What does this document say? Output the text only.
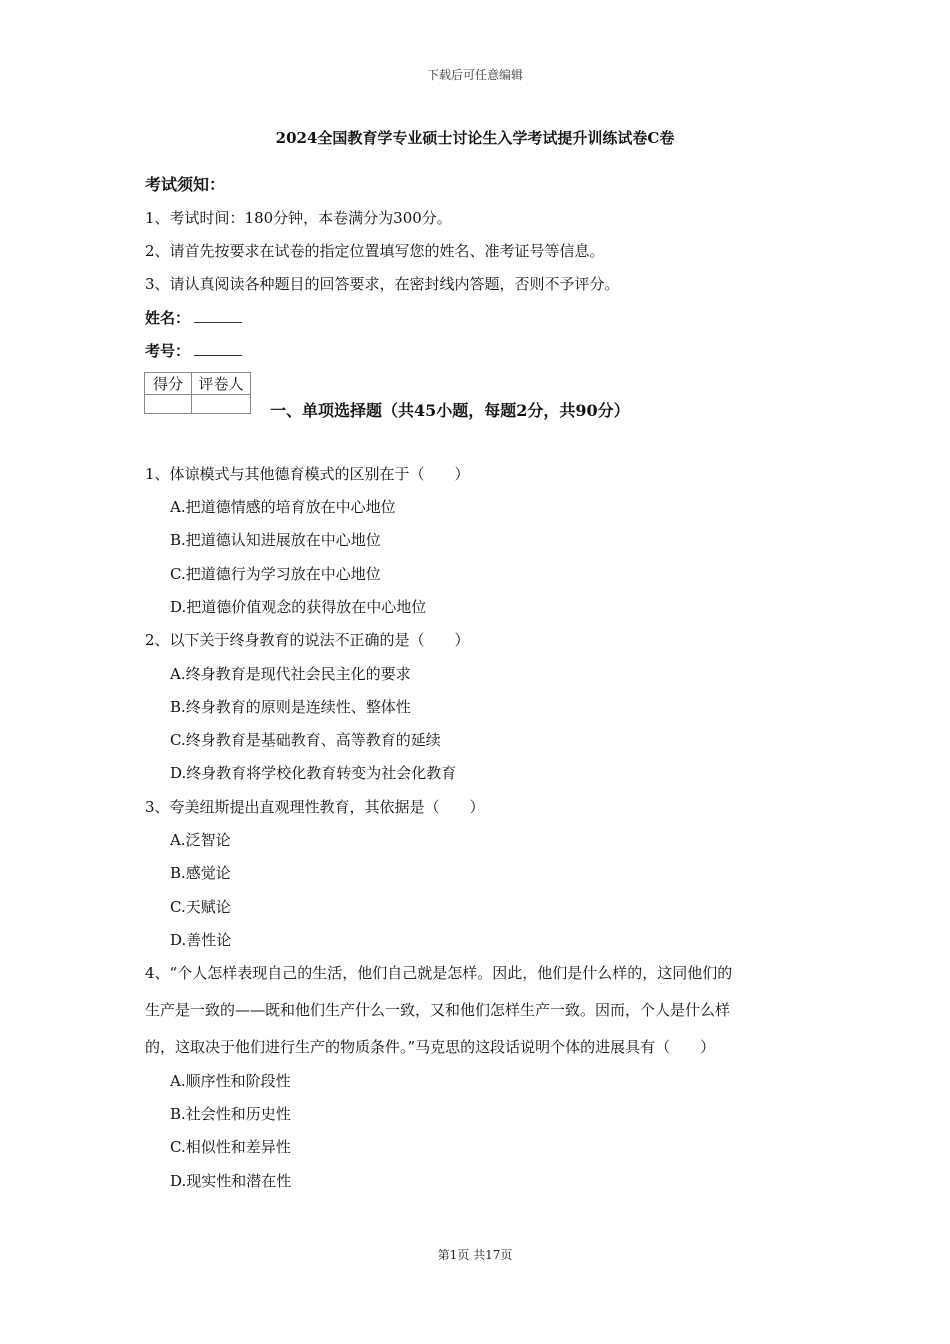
下载后可任意编辑
2024全国教育学专业硕士讨论生入学考试提升训练试卷C卷
考试须知：
1、考试时间：180分钟，本卷满分为300分。
2、请首先按要求在试卷的指定位置填写您的姓名、准考证号等信息。
3、请认真阅读各种题目的回答要求，在密封线内答题，否则不予评分。
姓名：
考号：
得分	评卷人

一、单项选择题（共45小题，每题2分，共90分）
1、体谅模式与其他德育模式的区别在于（　　）
A.把道德情感的培育放在中心地位
B.把道德认知进展放在中心地位
C.把道德行为学习放在中心地位
D.把道德价值观念的获得放在中心地位
2、以下关于终身教育的说法不正确的是（　　）
A.终身教育是现代社会民主化的要求
B.终身教育的原则是连续性、整体性
C.终身教育是基础教育、高等教育的延续
D.终身教育将学校化教育转变为社会化教育
3、夸美纽斯提出直观理性教育，其依据是（　　）
A.泛智论
B.感觉论
C.天赋论
D.善性论
4、“个人怎样表现自己的生活，他们自己就是怎样。因此，他们是什么样的，这同他们的
生产是一致的——既和他们生产什么一致，又和他们怎样生产一致。因而，个人是什么样
的，这取决于他们进行生产的物质条件。”马克思的这段话说明个体的进展具有（　　）
A.顺序性和阶段性
B.社会性和历史性
C.相似性和差异性
D.现实性和潜在性
第1页 共17页
